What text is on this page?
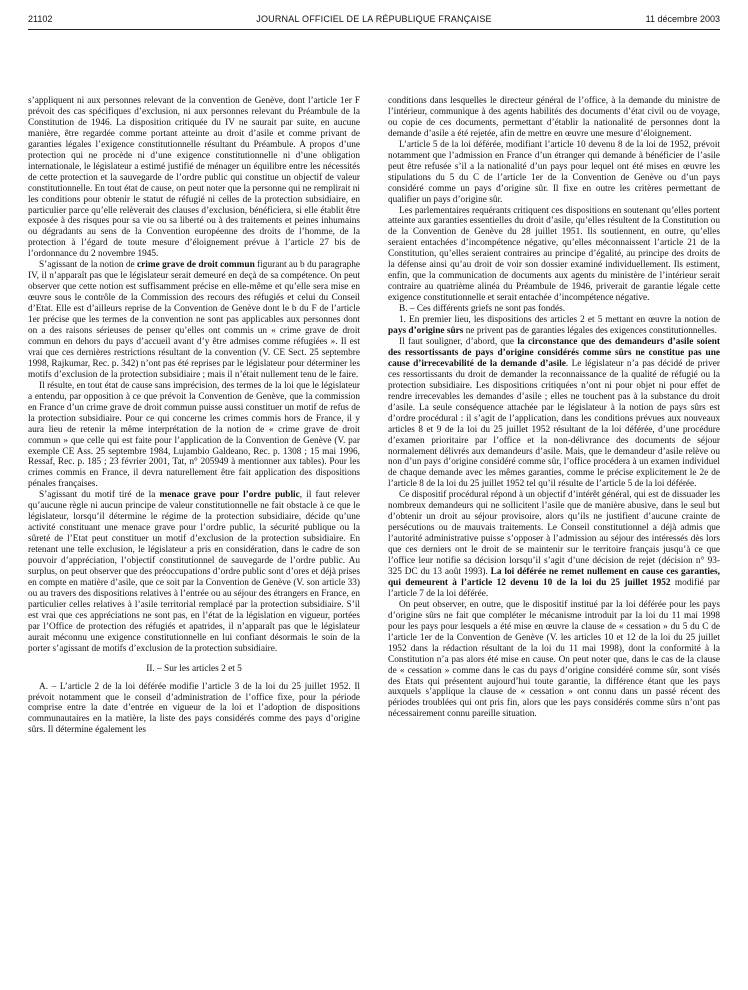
21102	JOURNAL OFFICIEL DE LA RÉPUBLIQUE FRANÇAISE	11 décembre 2003

s’appliquent ni aux personnes relevant de la convention de Genève, dont l’article 1er F prévoit des cas spécifiques d’exclusion, ni aux personnes relevant du Préambule de la Constitution de 1946. La disposition critiquée du IV ne saurait par suite, en aucune manière, être regardée comme portant atteinte au droit d’asile et comme privant de garanties légales l’exigence constitutionnelle résultant du Préambule. A propos d’une protection qui ne procède ni d’une exigence constitutionnelle ni d’une obligation internationale, le législateur a estimé justifié de ménager un équilibre entre les nécessités de cette protection et la sauvegarde de l’ordre public qui constitue un objectif de valeur constitutionnelle. En tout état de cause, on peut noter que la personne qui ne remplirait ni les conditions pour obtenir le statut de réfugié ni celles de la protection subsidiaire, en particulier parce qu’elle relèverait des clauses d’exclusion, bénéficiera, si elle établit être exposée à des risques pour sa vie ou sa liberté ou à des traitements et peines inhumains ou dégradants au sens de la Convention européenne des droits de l’homme, de la protection à l’égard de toute mesure d’éloignement prévue à l’article 27 bis de l’ordonnance du 2 novembre 1945.

S’agissant de la notion de crime grave de droit commun figurant au b du paragraphe IV, il n’apparaît pas que le législateur serait demeuré en deçà de sa compétence. On peut observer que cette notion est suffisamment précise en elle-même et qu’elle sera mise en œuvre sous le contrôle de la Commission des recours des réfugiés et celui du Conseil d’Etat. Elle est d’ailleurs reprise de la Convention de Genève dont le b du F de l’article 1er précise que les termes de la convention ne sont pas applicables aux personnes dont on a des raisons sérieuses de penser qu’elles ont commis un « crime grave de droit commun en dehors du pays d’accueil avant d’y être admises comme réfugiées ». Il est vrai que ces dernières restrictions résultant de la convention (V. CE Sect. 25 septembre 1998, Rajkumar, Rec. p. 342) n’ont pas été reprises par le législateur pour déterminer les motifs d’exclusion de la protection subsidiaire ; mais il n’était nullement tenu de le faire.

Il résulte, en tout état de cause sans imprécision, des termes de la loi que le législateur a entendu, par opposition à ce que prévoit la Convention de Genève, que la commission en France d’un crime grave de droit commun puisse aussi constituer un motif de refus de la protection subsidiaire. Pour ce qui concerne les crimes commis hors de France, il y aura lieu de retenir la même interprétation de la notion de « crime grave de droit commun » que celle qui est faite pour l’application de la Convention de Genève (V. par exemple CE Ass. 25 septembre 1984, Lujambio Galdeano, Rec. p. 1308 ; 15 mai 1996, Ressaf, Rec. p. 185 ; 23 février 2001, Tat, n° 205949 à mentionner aux tables). Pour les crimes commis en France, il devra naturellement être fait application des dispositions pénales françaises.

S’agissant du motif tiré de la menace grave pour l’ordre public, il faut relever qu’aucune règle ni aucun principe de valeur constitutionnelle ne fait obstacle à ce que le législateur, lorsqu’il détermine le régime de la protection subsidiaire, décide qu’une activité constituant une menace grave pour l’ordre public, la sécurité publique ou la sûreté de l’Etat peut constituer un motif d’exclusion de la protection subsidiaire. En retenant une telle exclusion, le législateur a pris en considération, dans le cadre de son pouvoir d’appréciation, l’objectif constitutionnel de sauvegarde de l’ordre public. Au surplus, on peut observer que des préoccupations d’ordre public sont d’ores et déjà prises en compte en matière d’asile, que ce soit par la Convention de Genève (V. son article 33) ou au travers des dispositions relatives à l’entrée ou au séjour des étrangers en France, en particulier celles relatives à l’asile territorial remplacé par la protection subsidiaire. S’il est vrai que ces appréciations ne sont pas, en l’état de la législation en vigueur, portées par l’Office de protection des réfugiés et apatrides, il n’apparaît pas que le législateur aurait méconnu une exigence constitutionnelle en lui confiant désormais le soin de la porter s’agissant de motifs d’exclusion de la protection subsidiaire.

II. – Sur les articles 2 et 5

A. – L’article 2 de la loi déférée modifie l’article 3 de la loi du 25 juillet 1952. Il prévoit notamment que le conseil d’administration de l’office fixe, pour la période comprise entre la date d’entrée en vigueur de la loi et l’adoption de dispositions communautaires en la matière, la liste des pays considérés comme des pays d’origine sûrs. Il détermine également les

conditions dans lesquelles le directeur général de l’office, à la demande du ministre de l’intérieur, communique à des agents habilités des documents d’état civil ou de voyage, ou copie de ces documents, permettant d’établir la nationalité de personnes dont la demande d’asile a été rejetée, afin de mettre en œuvre une mesure d’éloignement.

L’article 5 de la loi déférée, modifiant l’article 10 devenu 8 de la loi de 1952, prévoit notamment que l’admission en France d’un étranger qui demande à bénéficier de l’asile peut être refusée s’il a la nationalité d’un pays pour lequel ont été mises en œuvre les stipulations du 5 du C de l’article 1er de la Convention de Genève ou d’un pays considéré comme un pays d’origine sûr. Il fixe en outre les critères permettant de qualifier un pays d’origine sûr.

Les parlementaires requérants critiquent ces dispositions en soutenant qu’elles portent atteinte aux garanties essentielles du droit d’asile, qu’elles résultent de la Constitution ou de la Convention de Genève du 28 juillet 1951. Ils soutiennent, en outre, qu’elles seraient entachées d’incompétence négative, qu’elles méconnaissent l’article 21 de la Constitution, qu’elles seraient contraires au principe d’égalité, au principe des droits de la défense ainsi qu’au droit de voir son dossier examiné individuellement. Ils estiment, enfin, que la communication de documents aux agents du ministère de l’intérieur serait contraire au quatrième alinéa du Préambule de 1946, priverait de garantie légale cette exigence constitutionnelle et serait entachée d’incompétence négative.

B. – Ces différents griefs ne sont pas fondés.

1. En premier lieu, les dispositions des articles 2 et 5 mettant en œuvre la notion de pays d’origine sûrs ne privent pas de garanties légales des exigences constitutionnelles.

Il faut souligner, d’abord, que la circonstance que des demandeurs d’asile soient des ressortissants de pays d’origine considérés comme sûrs ne constitue pas une cause d’irrecevabilité de la demande d’asile. Le législateur n’a pas décidé de priver ces ressortissants du droit de demander la reconnaissance de la qualité de réfugié ou la protection subsidiaire. Les dispositions critiquées n’ont ni pour objet ni pour effet de rendre irrecevables les demandes d’asile ; elles ne touchent pas à la substance du droit d’asile. La seule conséquence attachée par le législateur à la notion de pays sûrs est d’ordre procédural : il s’agit de l’application, dans les conditions prévues aux nouveaux articles 8 et 9 de la loi du 25 juillet 1952 résultant de la loi déférée, d’une procédure d’examen prioritaire par l’office et la non-délivrance des documents de séjour normalement délivrés aux demandeurs d’asile. Mais, que le demandeur d’asile relève ou non d’un pays d’origine considéré comme sûr, l’office procédera à un examen individuel de chaque demande avec les mêmes garanties, comme le précise explicitement le 2e de l’article 8 de la loi du 25 juillet 1952 tel qu’il résulte de l’article 5 de la loi déférée.

Ce dispositif procédural répond à un objectif d’intérêt général, qui est de dissuader les nombreux demandeurs qui ne sollicitent l’asile que de manière abusive, dans le seul but d’obtenir un droit au séjour provisoire, alors qu’ils ne justifient d’aucune crainte de persécutions ou de mauvais traitements. Le Conseil constitutionnel a déjà admis que l’autorité administrative puisse s’opposer à l’admission au séjour des intéressés dès lors que ces derniers ont le droit de se maintenir sur le territoire français jusqu’à ce que l’office leur notifie sa décision lorsqu’il s’agit d’une décision de rejet (décision n° 93-325 DC du 13 août 1993). La loi déférée ne remet nullement en cause ces garanties, qui demeurent à l’article 12 devenu 10 de la loi du 25 juillet 1952 modifié par l’article 7 de la loi déférée.

On peut observer, en outre, que le dispositif institué par la loi déférée pour les pays d’origine sûrs ne fait que compléter le mécanisme introduit par la loi du 11 mai 1998 pour les pays pour lesquels a été mise en œuvre la clause de « cessation » du 5 du C de l’article 1er de la Convention de Genève (V. les articles 10 et 12 de la loi du 25 juillet 1952 dans la rédaction résultant de la loi du 11 mai 1998), dont la conformité à la Constitution n’a pas alors été mise en cause. On peut noter que, dans le cas de la clause de « cessation » comme dans le cas du pays d’origine considéré comme sûr, sont visés des Etats qui présentent aujourd’hui toute garantie, la différence étant que les pays auxquels s’applique la clause de « cessation » ont connu dans un passé récent des périodes troublées qui ont pris fin, alors que les pays considérés comme sûrs n’ont pas nécessairement connu pareille situation.
